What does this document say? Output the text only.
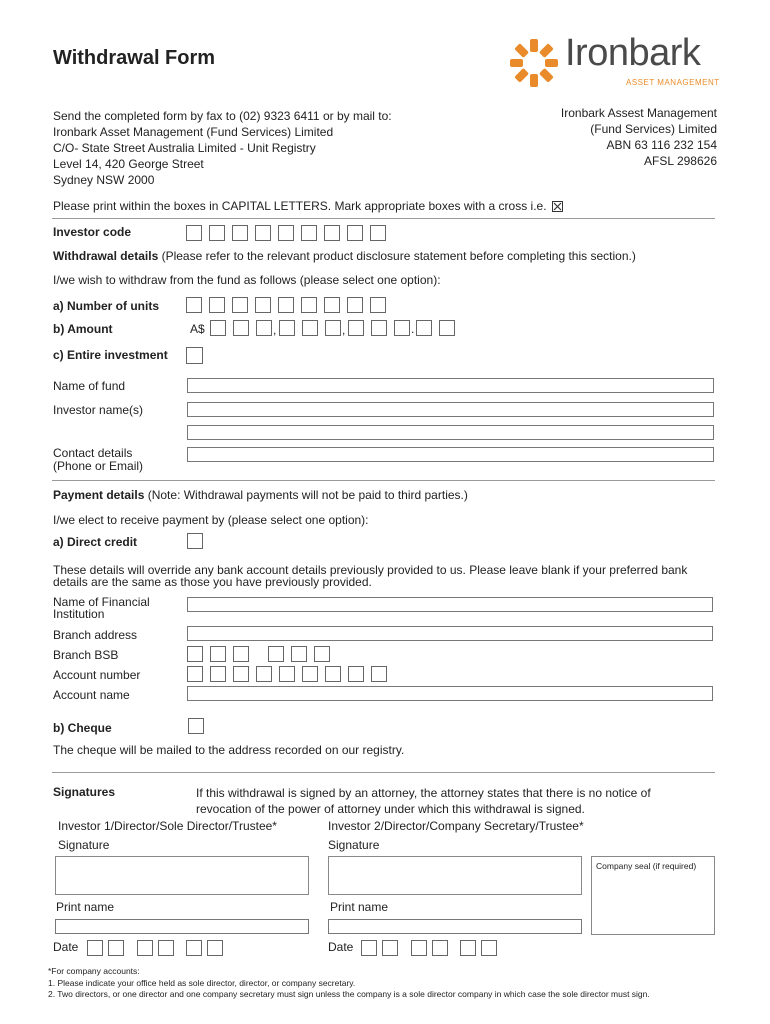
Withdrawal Form	Ironbark
ASSET MANAGEMENT
Send the completed form by fax to (02) 9323 6411 or by mail to:
Ironbark Asset Management (Fund Services) Limited
C/O- State Street Australia Limited - Unit Registry
Level 14, 420 George Street
Sydney NSW 2000
Ironbark Assest Management
(Fund Services) Limited
ABN 63 116 232 154
AFSL 298626
Please print within the boxes in CAPITAL LETTERS. Mark appropriate boxes with a cross i.e.
Investor code
Withdrawal details (Please refer to the relevant product disclosure statement before completing this section.)
I/we wish to withdraw from the fund as follows (please select one option):
a) Number of units
b) Amount	A$	,	,	.
c) Entire investment
Name of fund
Investor name(s)
Contact details
(Phone or Email)
Payment details (Note: Withdrawal payments will not be paid to third parties.)
I/we elect to receive payment by (please select one option):
a) Direct credit
These details will override any bank account details previously provided to us. Please leave blank if your preferred bank
details are the same as those you have previously provided.
Name of Financial
Institution
Branch address
Branch BSB
Account number
Account name
b) Cheque
The cheque will be mailed to the address recorded on our registry.
Signatures	If this withdrawal is signed by an attorney, the attorney states that there is no notice of
revocation of the power of attorney under which this withdrawal is signed.
Investor 1/Director/Sole Director/Trustee*	Investor 2/Director/Company Secretary/Trustee*
Signature	Signature
Company seal (if required)
Print name	Print name
Date	Date
*For company accounts:
1. Please indicate your office held as sole director, director, or company secretary.
2. Two directors, or one director and one company secretary must sign unless the company is a sole director company in which case the sole director must sign.
